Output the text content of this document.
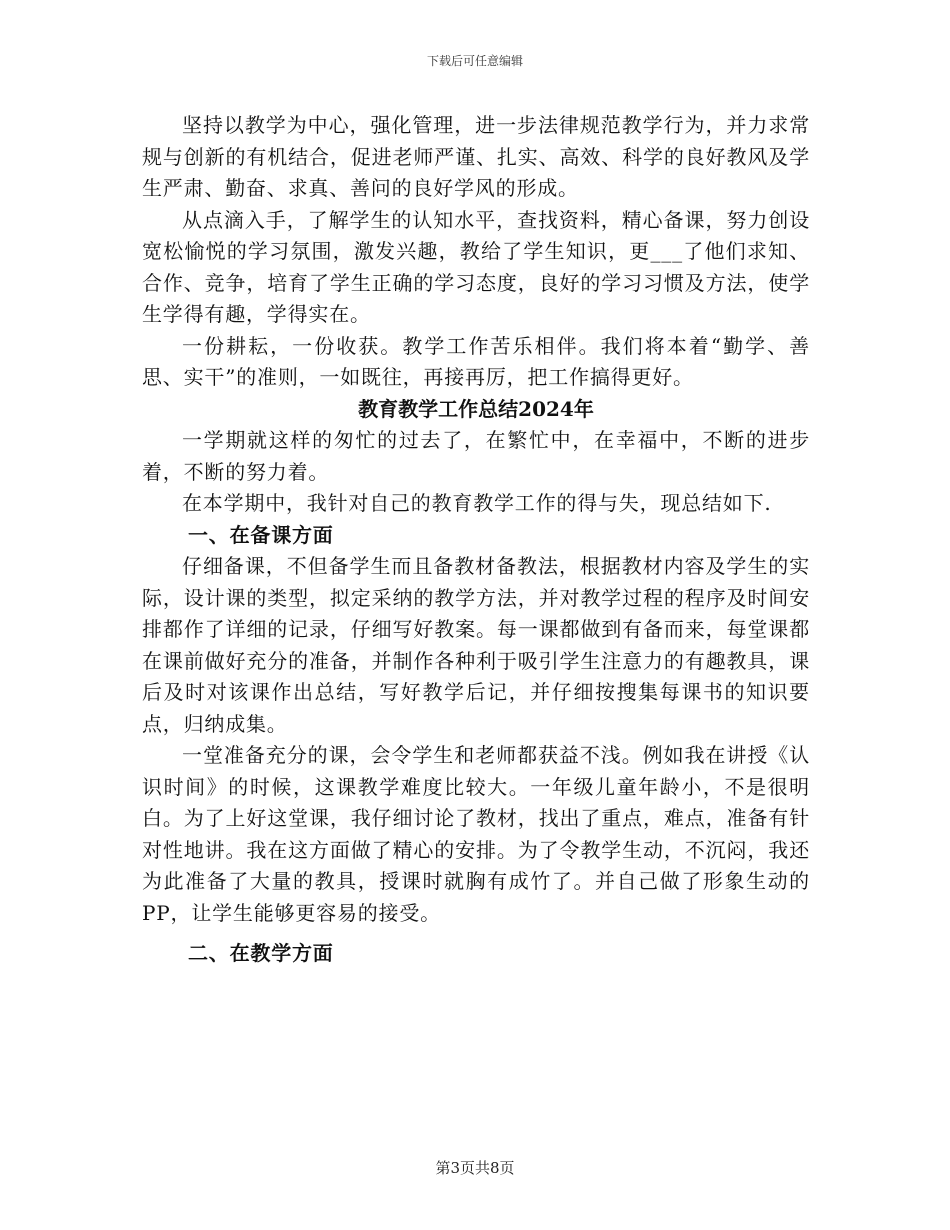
下载后可任意编辑

坚持以教学为中心，强化管理，进一步法律规范教学行为，并力求常规与创新的有机结合，促进老师严谨、扎实、高效、科学的良好教风及学生严肃、勤奋、求真、善问的良好学风的形成。

从点滴入手，了解学生的认知水平，查找资料，精心备课，努力创设宽松愉悦的学习氛围，激发兴趣，教给了学生知识，更___了他们求知、合作、竞争，培育了学生正确的学习态度，良好的学习习惯及方法，使学生学得有趣，学得实在。

一份耕耘，一份收获。教学工作苦乐相伴。我们将本着“勤学、善思、实干”的准则，一如既往，再接再厉，把工作搞得更好。

教育教学工作总结2024年

一学期就这样的匆忙的过去了，在繁忙中，在幸福中，不断的进步着，不断的努力着。

在本学期中，我针对自己的教育教学工作的得与失，现总结如下.

一、在备课方面

仔细备课，不但备学生而且备教材备教法，根据教材内容及学生的实际，设计课的类型，拟定采纳的教学方法，并对教学过程的程序及时间安排都作了详细的记录，仔细写好教案。每一课都做到有备而来，每堂课都在课前做好充分的准备，并制作各种利于吸引学生注意力的有趣教具，课后及时对该课作出总结，写好教学后记，并仔细按搜集每课书的知识要点，归纳成集。

一堂准备充分的课，会令学生和老师都获益不浅。例如我在讲授《认识时间》的时候，这课教学难度比较大。一年级儿童年龄小，不是很明白。为了上好这堂课，我仔细讨论了教材，找出了重点，难点，准备有针对性地讲。我在这方面做了精心的安排。为了令教学生动，不沉闷，我还为此准备了大量的教具，授课时就胸有成竹了。并自己做了形象生动的PP，让学生能够更容易的接受。

二、在教学方面

第3页共8页
